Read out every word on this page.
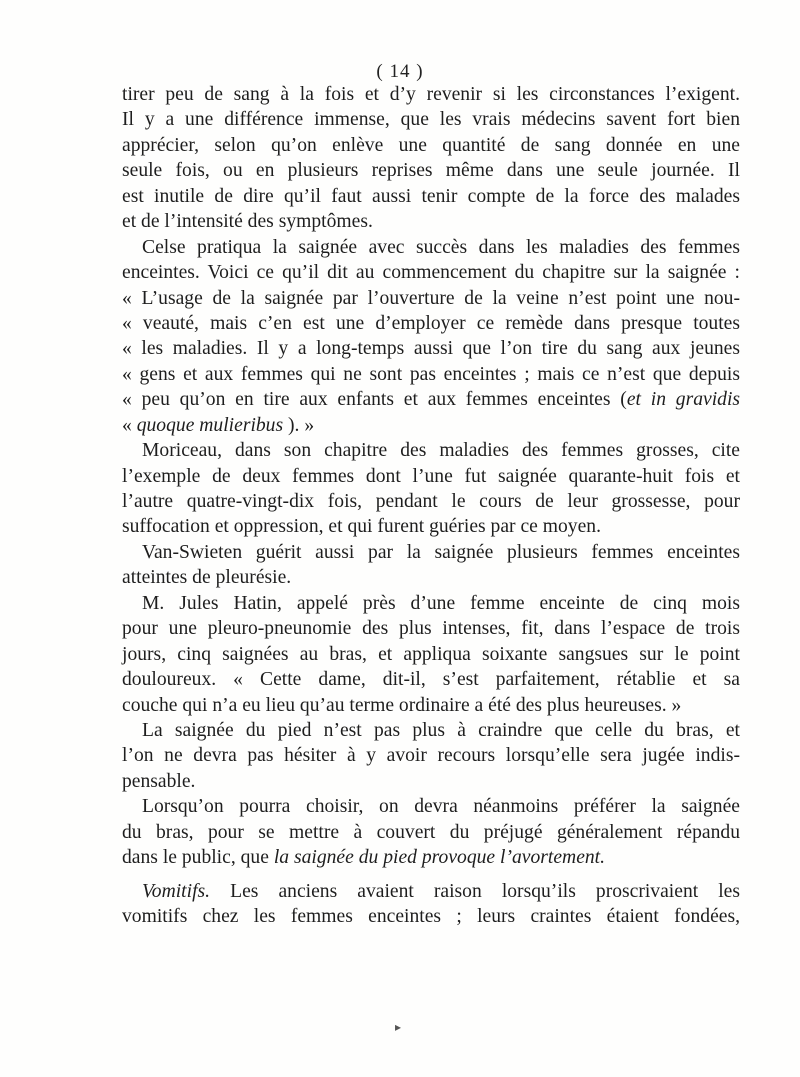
( 14 )
tirer peu de sang à la fois et d’y revenir si les circonstances l’exigent.
Il y a une différence immense, que les vrais médecins savent fort bien
apprécier, selon qu’on enlève une quantité de sang donnée en une
seule fois, ou en plusieurs reprises même dans une seule journée. Il
est inutile de dire qu’il faut aussi tenir compte de la force des malades
et de l’intensité des symptômes.
Celse pratiqua la saignée avec succès dans les maladies des femmes
enceintes. Voici ce qu’il dit au commencement du chapitre sur la saignée :
« L’usage de la saignée par l’ouverture de la veine n’est point une nou-
« veauté, mais c’en est une d’employer ce remède dans presque toutes
« les maladies. Il y a long-temps aussi que l’on tire du sang aux jeunes
« gens et aux femmes qui ne sont pas enceintes ; mais ce n’est que depuis
« peu qu’on en tire aux enfants et aux femmes enceintes (et in gravidis
« quoque mulieribus ). »
Moriceau, dans son chapitre des maladies des femmes grosses, cite
l’exemple de deux femmes dont l’une fut saignée quarante-huit fois et
l’autre quatre-vingt-dix fois, pendant le cours de leur grossesse, pour
suffocation et oppression, et qui furent guéries par ce moyen.
Van-Swieten guérit aussi par la saignée plusieurs femmes enceintes
atteintes de pleurésie.
M. Jules Hatin, appelé près d’une femme enceinte de cinq mois
pour une pleuro-pneunomie des plus intenses, fit, dans l’espace de trois
jours, cinq saignées au bras, et appliqua soixante sangsues sur le point
douloureux. « Cette dame, dit-il, s’est parfaitement, rétablie et sa
couche qui n’a eu lieu qu’au terme ordinaire a été des plus heureuses. »
La saignée du pied n’est pas plus à craindre que celle du bras, et
l’on ne devra pas hésiter à y avoir recours lorsqu’elle sera jugée indis-
pensable.
Lorsqu’on pourra choisir, on devra néanmoins préférer la saignée
du bras, pour se mettre à couvert du préjugé généralement répandu
dans le public, que la saignée du pied provoque l’avortement.
Vomitifs. Les anciens avaient raison lorsqu’ils proscrivaient les
vomitifs chez les femmes enceintes ; leurs craintes étaient fondées,
▸
